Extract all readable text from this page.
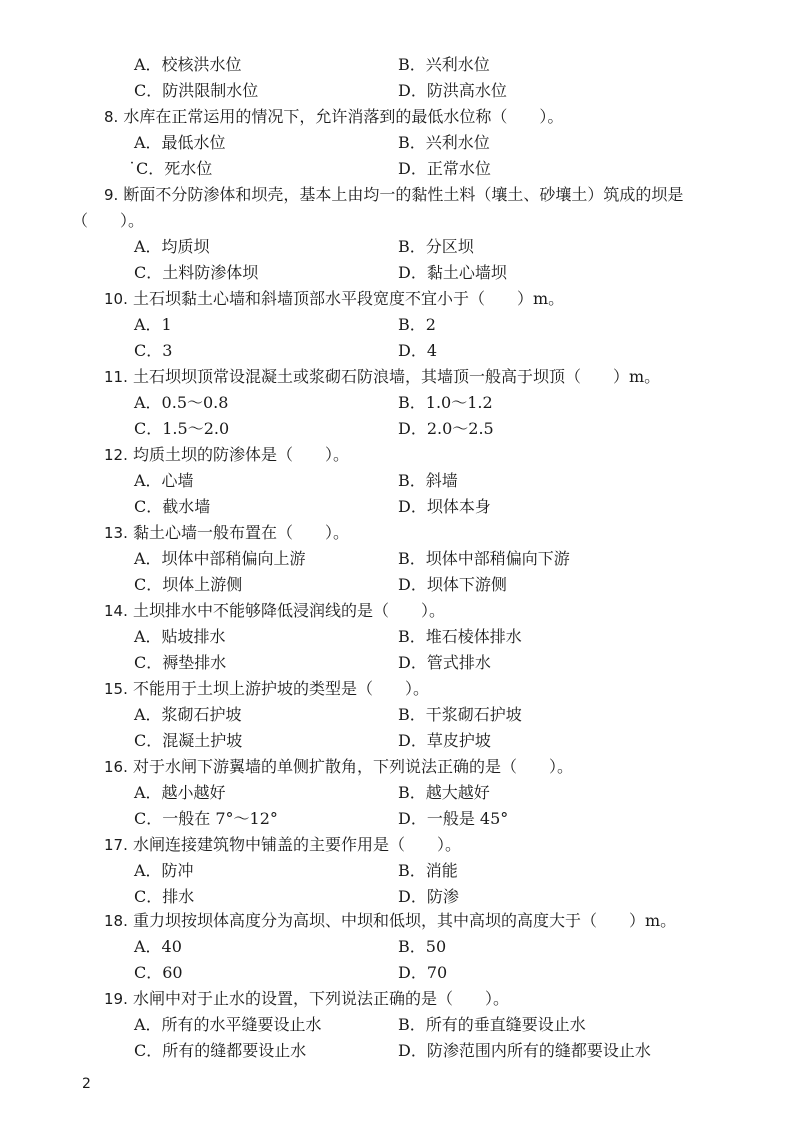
A．校核洪水位	B．兴利水位
C．防洪限制水位	D．防洪高水位
8. 水库在正常运用的情况下，允许消落到的最低水位称（　　）。
A．最低水位	B．兴利水位
˙C．死水位	D．正常水位
9. 断面不分防渗体和坝壳，基本上由均一的黏性土料（壤土、砂壤土）筑成的坝是（　　）。
A．均质坝	B．分区坝
C．土料防渗体坝	D．黏土心墙坝
10. 土石坝黏土心墙和斜墙顶部水平段宽度不宜小于（　　）m。
A．1	B．2
C．3	D．4
11. 土石坝坝顶常设混凝土或浆砌石防浪墙，其墙顶一般高于坝顶（　　）m。
A．0.5～0.8	B．1.0～1.2
C．1.5～2.0	D．2.0～2.5
12. 均质土坝的防渗体是（　　）。
A．心墙	B．斜墙
C．截水墙	D．坝体本身
13. 黏土心墙一般布置在（　　）。
A．坝体中部稍偏向上游	B．坝体中部稍偏向下游
C．坝体上游侧	D．坝体下游侧
14. 土坝排水中不能够降低浸润线的是（　　）。
A．贴坡排水	B．堆石棱体排水
C．褥垫排水	D．管式排水
15. 不能用于土坝上游护坡的类型是（　　）。
A．浆砌石护坡	B．干浆砌石护坡
C．混凝土护坡	D．草皮护坡
16. 对于水闸下游翼墙的单侧扩散角，下列说法正确的是（　　）。
A．越小越好	B．越大越好
C．一般在 7°～12°	D．一般是 45°
17. 水闸连接建筑物中铺盖的主要作用是（　　）。
A．防冲	B．消能
C．排水	D．防渗
18. 重力坝按坝体高度分为高坝、中坝和低坝，其中高坝的高度大于（　　）m。
A．40	B．50
C．60	D．70
19. 水闸中对于止水的设置，下列说法正确的是（　　）。
A．所有的水平缝要设止水	B．所有的垂直缝要设止水
C．所有的缝都要设止水	D．防渗范围内所有的缝都要设止水
2
